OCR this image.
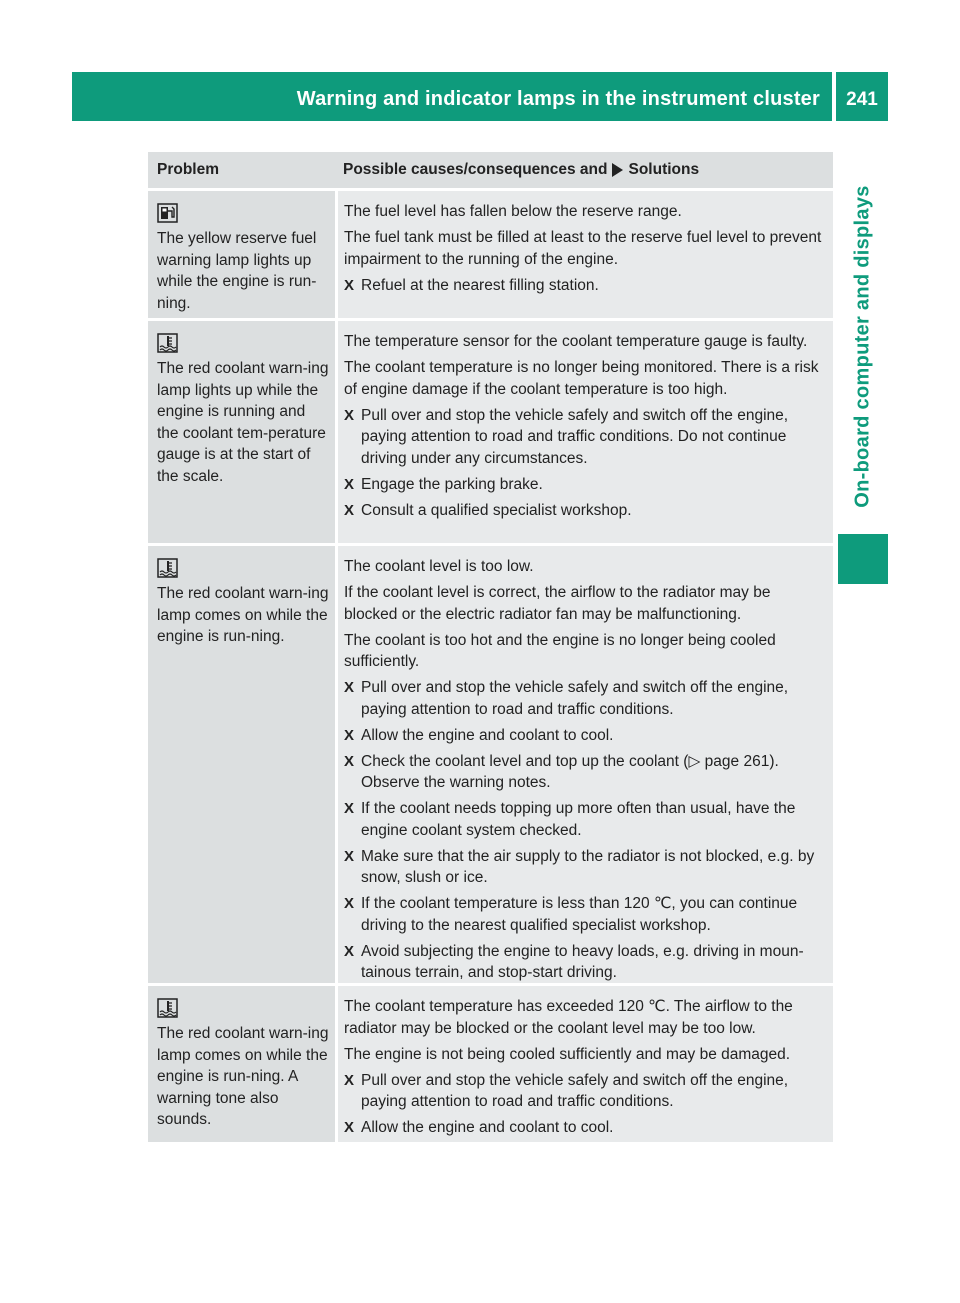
Warning and indicator lamps in the instrument cluster	241
On-board computer and displays
Problem	Possible causes/consequences and Solutions
The yellow reserve fuel warning lamp lights up while the engine is run-ning.

The fuel level has fallen below the reserve range.

The fuel tank must be filled at least to the reserve fuel level to prevent impairment to the running of the engine.

X Refuel at the nearest filling station.
The red coolant warn-ing lamp lights up while the engine is running and the coolant tem-perature gauge is at the start of the scale.

The temperature sensor for the coolant temperature gauge is faulty.

The coolant temperature is no longer being monitored. There is a risk of engine damage if the coolant temperature is too high.

X Pull over and stop the vehicle safely and switch off the engine, paying attention to road and traffic conditions. Do not continue driving under any circumstances.
X Engage the parking brake.
X Consult a qualified specialist workshop.
The red coolant warn-ing lamp comes on while the engine is run-ning.

The coolant level is too low.

If the coolant level is correct, the airflow to the radiator may be blocked or the electric radiator fan may be malfunctioning.

The coolant is too hot and the engine is no longer being cooled sufficiently.

X Pull over and stop the vehicle safely and switch off the engine, paying attention to road and traffic conditions.
X Allow the engine and coolant to cool.
X Check the coolant level and top up the coolant (▷ page 261). Observe the warning notes.
X If the coolant needs topping up more often than usual, have the engine coolant system checked.
X Make sure that the air supply to the radiator is not blocked, e.g. by snow, slush or ice.
X If the coolant temperature is less than 120 ℃, you can continue driving to the nearest qualified specialist workshop.
X Avoid subjecting the engine to heavy loads, e.g. driving in moun-tainous terrain, and stop-start driving.
The red coolant warn-ing lamp comes on while the engine is run-ning. A warning tone also sounds.

The coolant temperature has exceeded 120 ℃. The airflow to the radiator may be blocked or the coolant level may be too low.

The engine is not being cooled sufficiently and may be damaged.

X Pull over and stop the vehicle safely and switch off the engine, paying attention to road and traffic conditions.
X Allow the engine and coolant to cool.
